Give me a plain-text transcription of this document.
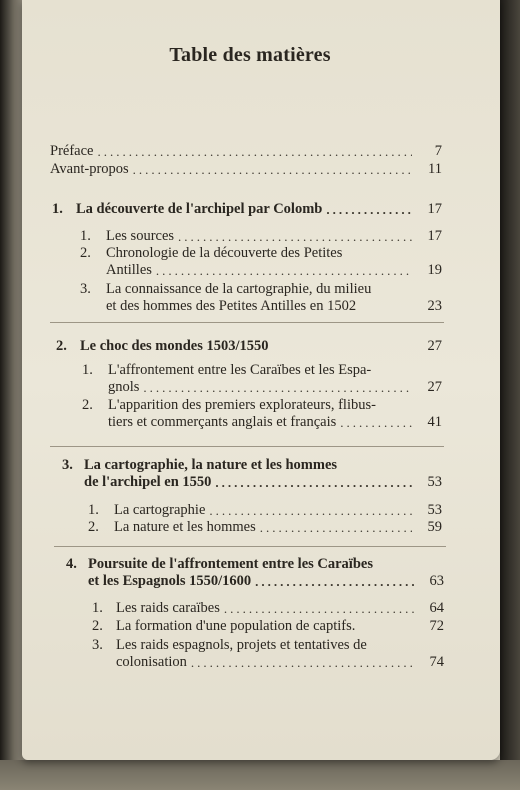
Table des matières
Préface .....	7
Avant-propos .....	11
1. La découverte de l'archipel par Colomb .....	17
1.	Les sources .....	17
2.	Chronologie de la découverte des Petites
Antilles .....	19
3.	La connaissance de la cartographie, du milieu
et des hommes des Petites Antilles en 1502	23
2. Le choc des mondes 1503/1550	27
1.	L'affrontement entre les Caraïbes et les Espa-
gnols .....	27
2.	L'apparition des premiers explorateurs, flibus-
tiers et commerçants anglais et français .....	41
3. La cartographie, la nature et les hommes
de l'archipel en 1550 .....	53
1.	La cartographie .....	53
2.	La nature et les hommes .....	59
4. Poursuite de l'affrontement entre les Caraïbes
et les Espagnols 1550/1600 .....	63
1. Les raids caraïbes .....	64
2. La formation d'une population de captifs.	72
3. Les raids espagnols, projets et tentatives de
colonisation .....	74
